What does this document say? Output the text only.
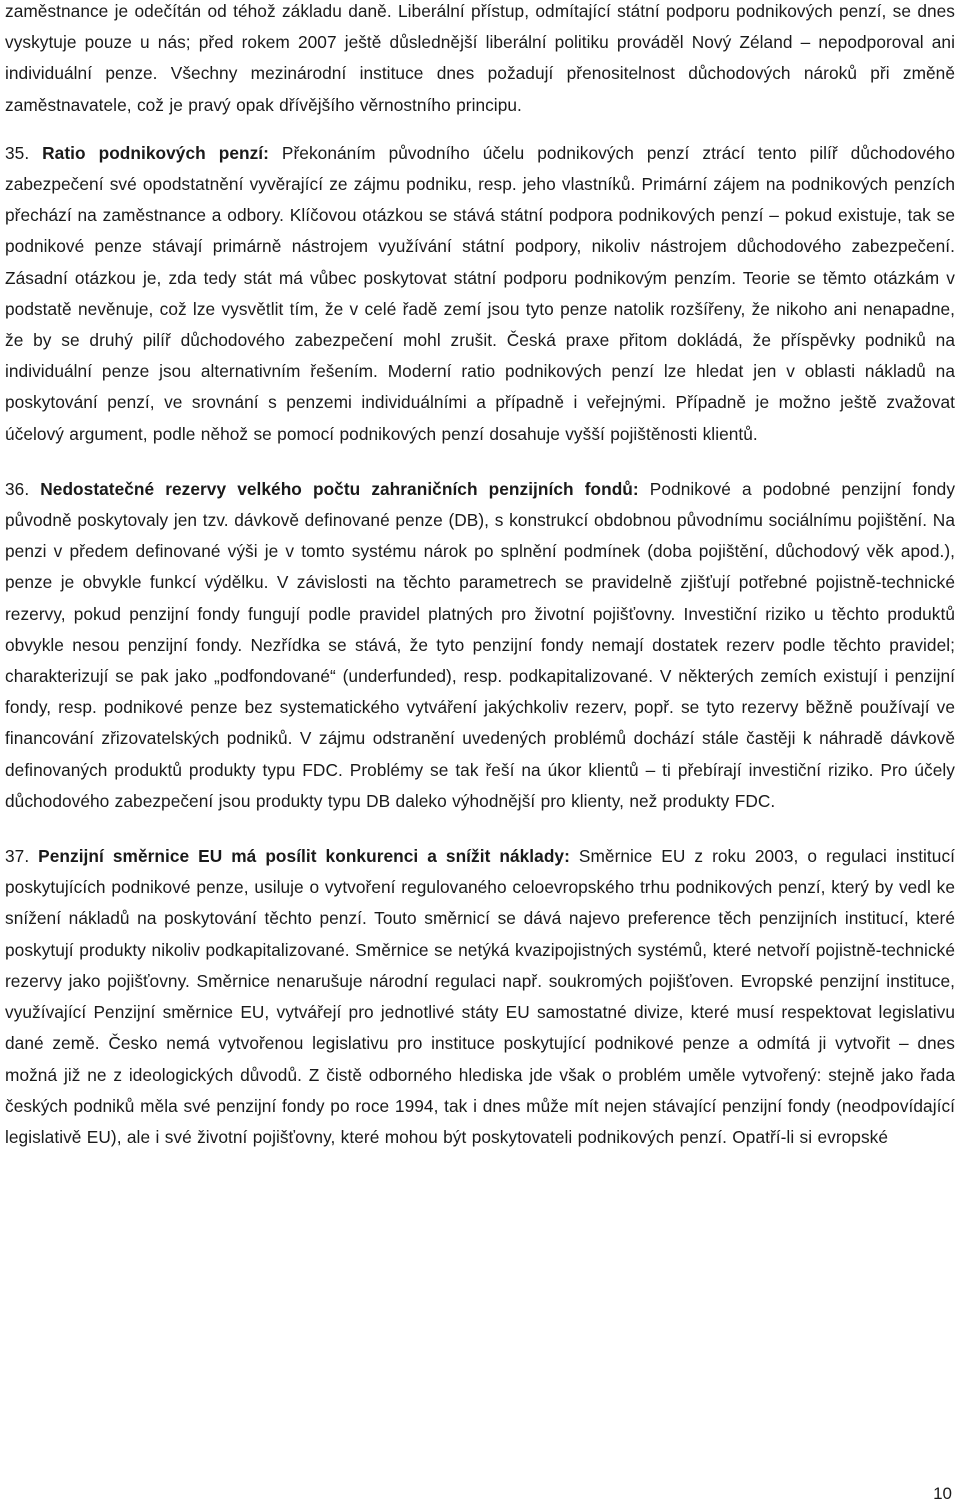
zaměstnance je odečítán od téhož základu daně. Liberální přístup, odmítající státní podporu podnikových penzí, se dnes vyskytuje pouze u nás; před rokem 2007 ještě důslednější liberální politiku prováděl Nový Zéland – nepodporoval ani individuální penze. Všechny mezinárodní instituce dnes požadují přenositelnost důchodových nároků při změně zaměstnavatele, což je pravý opak dřívějšího věrnostního principu.

35. Ratio podnikových penzí: Překonáním původního účelu podnikových penzí ztrácí tento pilíř důchodového zabezpečení své opodstatnění vyvěrající ze zájmu podniku, resp. jeho vlastníků. Primární zájem na podnikových penzích přechází na zaměstnance a odbory. Klíčovou otázkou se stává státní podpora podnikových penzí – pokud existuje, tak se podnikové penze stávají primárně nástrojem využívání státní podpory, nikoliv nástrojem důchodového zabezpečení. Zásadní otázkou je, zda tedy stát má vůbec poskytovat státní podporu podnikovým penzím. Teorie se těmto otázkám v podstatě nevěnuje, což lze vysvětlit tím, že v celé řadě zemí jsou tyto penze natolik rozšířeny, že nikoho ani nenapadne, že by se druhý pilíř důchodového zabezpečení mohl zrušit. Česká praxe přitom dokládá, že příspěvky podniků na individuální penze jsou alternativním řešením. Moderní ratio podnikových penzí lze hledat jen v oblasti nákladů na poskytování penzí, ve srovnání s penzemi individuálními a případně i veřejnými. Případně je možno ještě zvažovat účelový argument, podle něhož se pomocí podnikových penzí dosahuje vyšší pojištěnosti klientů.

36. Nedostatečné rezervy velkého počtu zahraničních penzijních fondů: Podnikové a podobné penzijní fondy původně poskytovaly jen tzv. dávkově definované penze (DB), s konstrukcí obdobnou původnímu sociálnímu pojištění. Na penzi v předem definované výši je v tomto systému nárok po splnění podmínek (doba pojištění, důchodový věk apod.), penze je obvykle funkcí výdělku. V závislosti na těchto parametrech se pravidelně zjišťují potřebné pojistně-technické rezervy, pokud penzijní fondy fungují podle pravidel platných pro životní pojišťovny. Investiční riziko u těchto produktů obvykle nesou penzijní fondy. Nezřídka se stává, že tyto penzijní fondy nemají dostatek rezerv podle těchto pravidel; charakterizují se pak jako „podfondované“ (underfunded), resp. podkapitalizované. V některých zemích existují i penzijní fondy, resp. podnikové penze bez systematického vytváření jakýchkoliv rezerv, popř. se tyto rezervy běžně používají ve financování zřizovatelských podniků. V zájmu odstranění uvedených problémů dochází stále častěji k náhradě dávkově definovaných produktů produkty typu FDC. Problémy se tak řeší na úkor klientů – ti přebírají investiční riziko. Pro účely důchodového zabezpečení jsou produkty typu DB daleko výhodnější pro klienty, než produkty FDC.

37. Penzijní směrnice EU má posílit konkurenci a snížit náklady: Směrnice EU z roku 2003, o regulaci institucí poskytujících podnikové penze, usiluje o vytvoření regulovaného celoevropského trhu podnikových penzí, který by vedl ke snížení nákladů na poskytování těchto penzí. Touto směrnicí se dává najevo preference těch penzijních institucí, které poskytují produkty nikoliv podkapitalizované. Směrnice se netýká kvazipojistných systémů, které netvoří pojistně-technické rezervy jako pojišťovny. Směrnice nenarušuje národní regulaci např. soukromých pojišťoven. Evropské penzijní instituce, využívající Penzijní směrnice EU, vytvářejí pro jednotlivé státy EU samostatné divize, které musí respektovat legislativu dané země. Česko nemá vytvořenou legislativu pro instituce poskytující podnikové penze a odmítá ji vytvořit – dnes možná již ne z ideologických důvodů. Z čistě odborného hlediska jde však o problém uměle vytvořený: stejně jako řada českých podniků měla své penzijní fondy po roce 1994, tak i dnes může mít nejen stávající penzijní fondy (neodpovídající legislativě EU), ale i své životní pojišťovny, které mohou být poskytovateli podnikových penzí. Opatří-li si evropské

10
